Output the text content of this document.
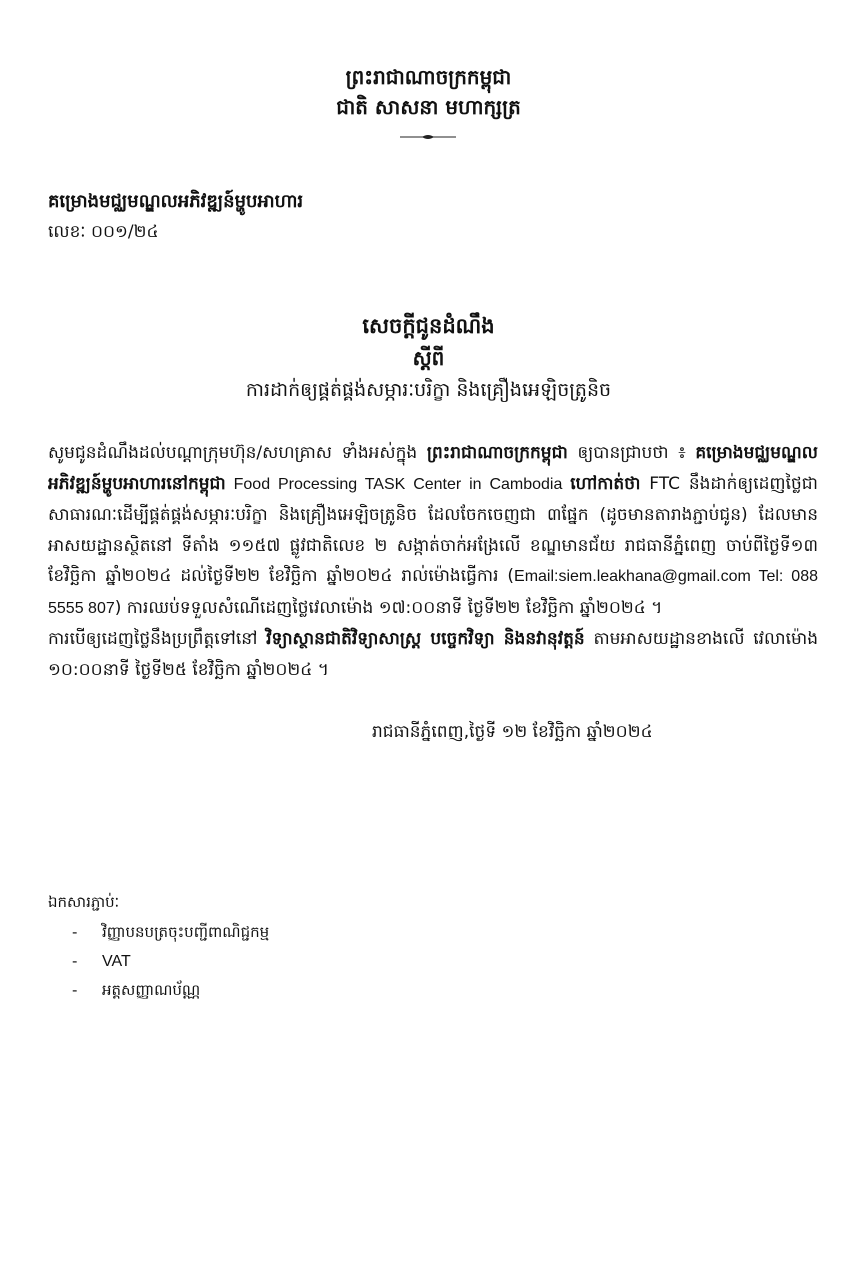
ព្រះរាជាណាចក្រកម្ពុជា
ជាតិ សាសនា មហាក្សត្រ
គម្រោងមជ្ឈមណ្ឌលអភិវឌ្ឍន៍ម្ហូបអាហារ
លេខៈ ០០១/២៤
សេចក្តីជូនដំណឹង
ស្តីពី
ការដាក់ឲ្យផ្គត់ផ្គង់សម្ភារៈបរិក្ខា និងគ្រឿងអេឡិចត្រូនិច

សូមជូនដំណឹងដល់បណ្តាក្រុមហ៊ុន/សហគ្រាស ទាំងអស់ក្នុង ព្រះរាជាណាចក្រកម្ពុជា ឲ្យបានជ្រាបថា ៖ គម្រោងមជ្ឈមណ្ឌលអភិវឌ្ឍន៍ម្ហូបអាហារនៅកម្ពុជា Food Processing TASK Center in Cambodia ហៅកាត់ថា FTC នឹងដាក់ឲ្យដេញថ្លៃជាសាធារណៈដើម្បីផ្គត់ផ្គង់សម្ភារៈបរិក្ខា និងគ្រឿងអេឡិចត្រូនិច ដែលចែកចេញជា ៣ផ្នែក (ដូចមានតារាងភ្ជាប់ជូន) ដែលមានអាសយដ្ឋានស្ថិតនៅ ទីតាំង ១១៥៧ ផ្លូវជាតិលេខ ២ សង្កាត់ចាក់អង្រែលើ ខណ្ឌមានជ័យ រាជធានីភ្នំពេញ ចាប់ពីថ្ងៃទី១៣ ខែវិច្ឆិកា ឆ្នាំ២០២៤ ដល់ថ្ងៃទី២២ ខែវិច្ឆិកា ឆ្នាំ២០២៤ រាល់ម៉ោងធ្វើការ (Email:siem.leakhana@gmail.com Tel: 088 5555 807) ការឈប់ទទួលសំណើដេញថ្លៃវេលាម៉ោង ១៧:០០នាទី ថ្ងៃទី២២ ខែវិច្ឆិកា ឆ្នាំ២០២៤ ។

ការបើឲ្យដេញថ្លៃនឹងប្រព្រឹត្តទៅនៅ វិទ្យាស្ថានជាតិវិទ្យាសាស្ត្រ បច្ចេកវិទ្យា និងនវានុវត្តន៍ តាមអាសយដ្ឋានខាងលើ វេលាម៉ោង ១០:០០នាទី ថ្ងៃទី២៥ ខែវិច្ឆិកា ឆ្នាំ២០២៤ ។

រាជធានីភ្នំពេញ,ថ្ងៃទី ១២ ខែវិច្ឆិកា ឆ្នាំ២០២៤
ឯកសារភ្ជាប់ៈ
-	វិញ្ញាបនបត្រចុះបញ្ជីពាណិជ្ជកម្ម
-	VAT
-	អត្តសញ្ញាណប័ណ្ណ
